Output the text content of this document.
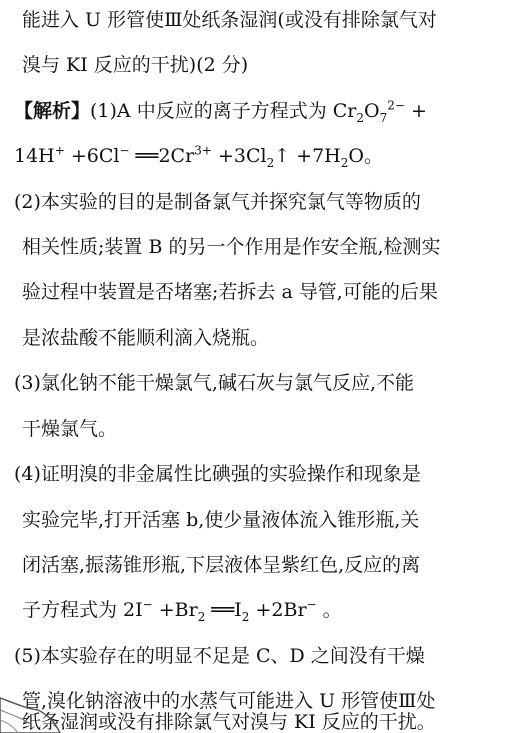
能进入 U 形管使Ⅲ处纸条湿润(或没有排除氯气对
溴与 KI 反应的干扰)(2 分)
【解析】(1)A 中反应的离子方程式为 $Cr_2O_7^{2-}$ +
14H+ +6Cl− $══2Cr^{3+}$ $+3Cl_2↑ +7H_2O$。
(2)本实验的目的是制备氯气并探究氯气等物质的
相关性质;装置 B 的另一个作用是作安全瓶,检测实
验过程中装置是否堵塞;若拆去 a 导管,可能的后果
是浓盐酸不能顺利滴入烧瓶。
(3)氯化钠不能干燥氯气,碱石灰与氯气反应,不能
干燥氯气。
(4)证明溴的非金属性比碘强的实验操作和现象是
实验完毕,打开活塞 b,使少量液体流入锥形瓶,关
闭活塞,振荡锥形瓶,下层液体呈紫红色,反应的离
子方程式为 $2I^- +Br_2$ $══I_2 +2Br^-$ 。
(5)本实验存在的明显不足是 C、D 之间没有干燥
管,溴化钠溶液中的水蒸气可能进入 U 形管使Ⅲ处
纸条湿润或没有排除氯气对溴与 KI 反应的干扰。
